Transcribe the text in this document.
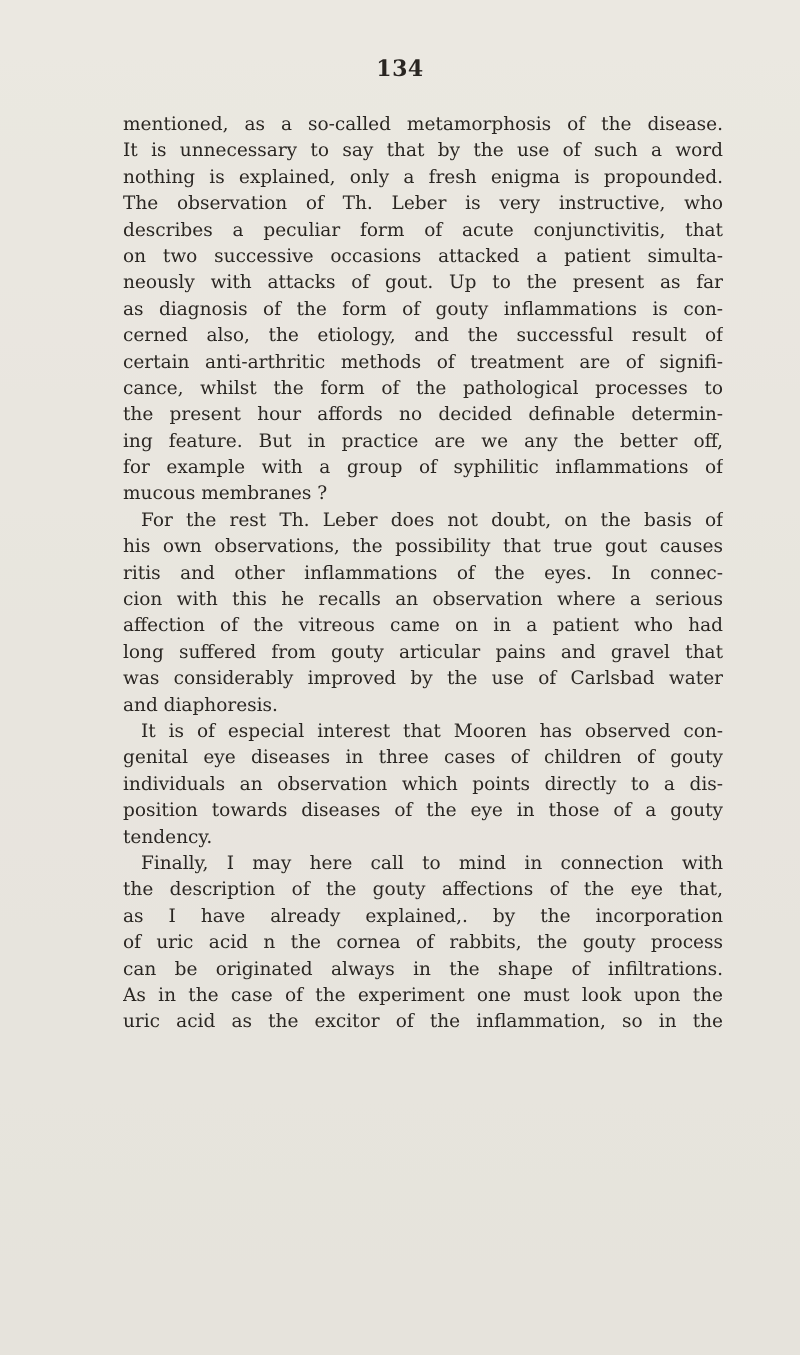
134
mentioned, as a so-called metamorphosis of the disease.
It is unnecessary to say that by the use of such a word
nothing is explained, only a fresh enigma is propounded.
The observation of Th. Leber is very instructive, who
describes a peculiar form of acute conjunctivitis, that
on two successive occasions attacked a patient simulta-
neously with attacks of gout. Up to the present as far
as diagnosis of the form of gouty inflammations is con-
cerned also, the etiology, and the successful result of
certain anti-arthritic methods of treatment are of signifi-
cance, whilst the form of the pathological processes to
the present hour affords no decided definable determin-
ing feature. But in practice are we any the better off,
for example with a group of syphilitic inflammations of
mucous membranes ?
For the rest Th. Leber does not doubt, on the basis of
his own observations, the possibility that true gout causes
ritis and other inflammations of the eyes. In connec-
cion with this he recalls an observation where a serious
affection of the vitreous came on in a patient who had
long suffered from gouty articular pains and gravel that
was considerably improved by the use of Carlsbad water
and diaphoresis.
It is of especial interest that Mooren has observed con-
genital eye diseases in three cases of children of gouty
individuals an observation which points directly to a dis-
position towards diseases of the eye in those of a gouty
tendency.
Finally, I may here call to mind in connection with
the description of the gouty affections of the eye that,
as I have already explained,. by the incorporation
of uric acid n the cornea of rabbits, the gouty process
can be originated always in the shape of infiltrations.
As in the case of the experiment one must look upon the
uric acid as the excitor of the inflammation, so in the
